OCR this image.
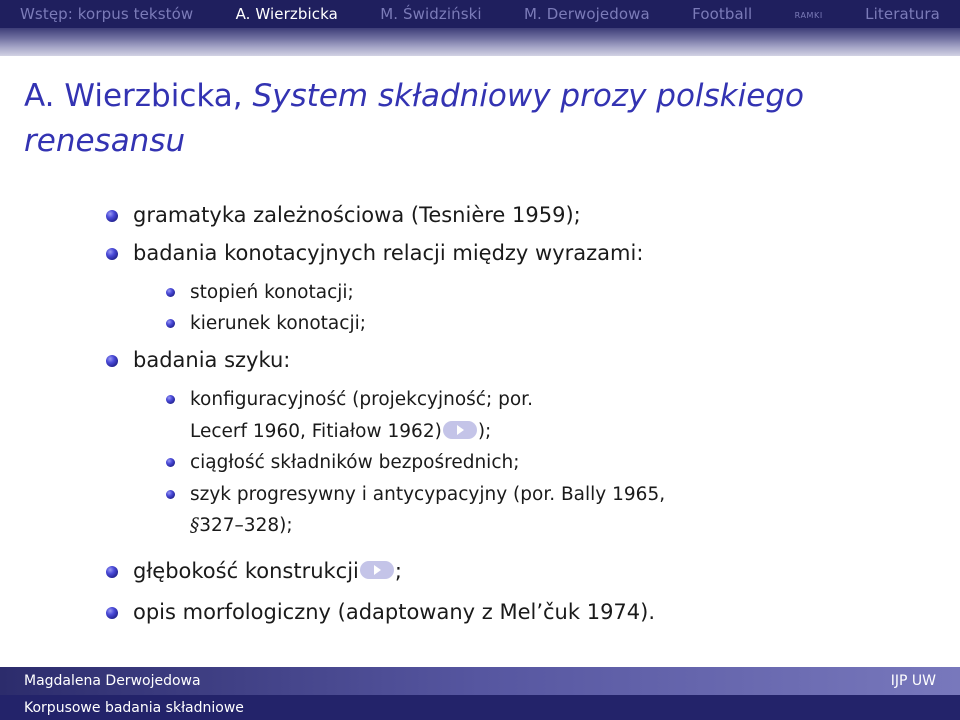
Wstęp: korpus tekstów	A. Wierzbicka	M. Świdziński	M. Derwojedowa	Football	ramki	Literatura
A. Wierzbicka, System składniowy prozy polskiego renesansu
gramatyka zależnościowa (Tesnière 1959);
badania konotacyjnych relacji między wyrazami:
stopień konotacji;
kierunek konotacji;
badania szyku:
konfiguracyjność (projekcyjność; por.
Lecerf 1960, Fitiałow 1962) );
ciągłość składników bezpośrednich;
szyk progresywny i antycypacyjny (por. Bally 1965,
§327–328);
głębokość konstrukcji ;
opis morfologiczny (adaptowany z Mel’čuk 1974).
Magdalena Derwojedowa	IJP UW
Korpusowe badania składniowe
